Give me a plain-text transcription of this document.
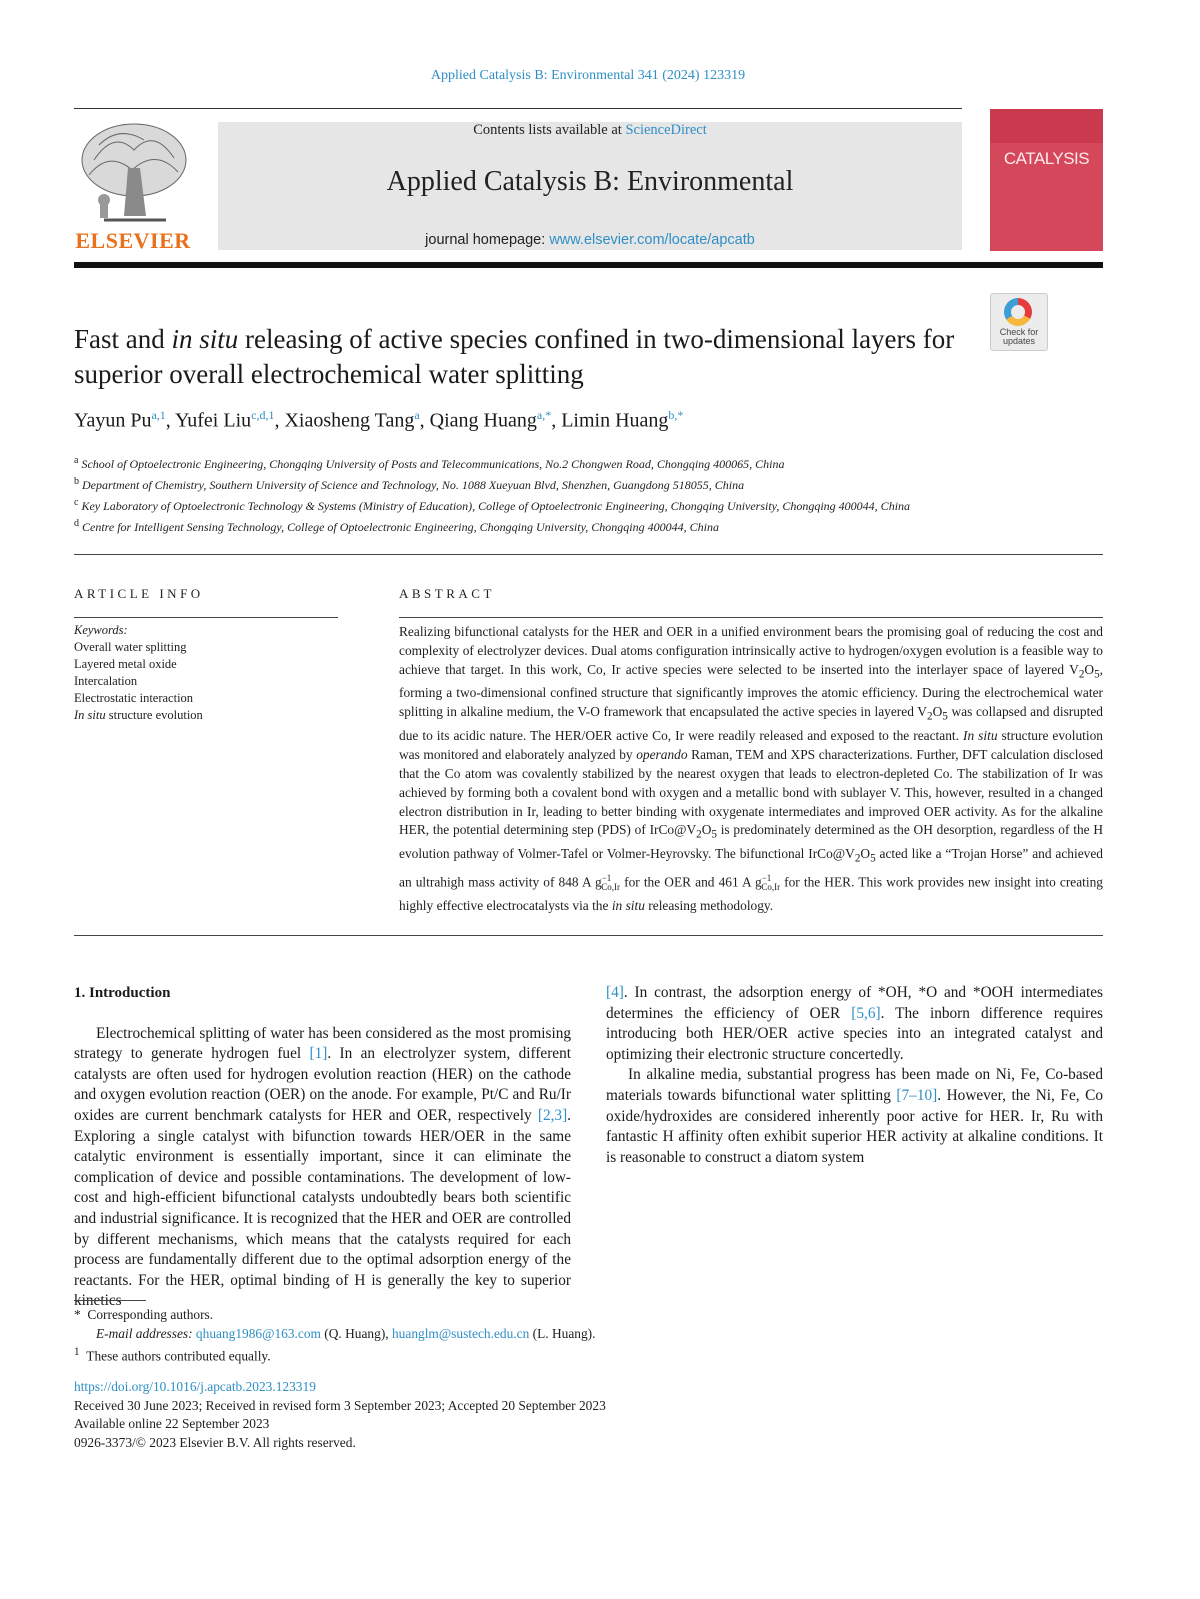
Applied Catalysis B: Environmental 341 (2024) 123319
ELSEVIER
Contents lists available at ScienceDirect
Applied Catalysis B: Environmental
journal homepage: www.elsevier.com/locate/apcatb
CATALYSIS
Check for updates
Fast and in situ releasing of active species confined in two-dimensional layers for superior overall electrochemical water splitting
Yayun Pu$^{a,1}$, Yufei Liu$^{c,d,1}$, Xiaosheng Tang$^a$, Qiang Huang$^{a,*}$, Limin Huang$^{b,*}$
$^a$ School of Optoelectronic Engineering, Chongqing University of Posts and Telecommunications, No.2 Chongwen Road, Chongqing 400065, China
$^b$ Department of Chemistry, Southern University of Science and Technology, No. 1088 Xueyuan Blvd, Shenzhen, Guangdong 518055, China
$^c$ Key Laboratory of Optoelectronic Technology & Systems (Ministry of Education), College of Optoelectronic Engineering, Chongqing University, Chongqing 400044, China
$^d$ Centre for Intelligent Sensing Technology, College of Optoelectronic Engineering, Chongqing University, Chongqing 400044, China
ARTICLE INFO
Keywords:
Overall water splitting
Layered metal oxide
Intercalation
Electrostatic interaction
In situ structure evolution
ABSTRACT

Realizing bifunctional catalysts for the HER and OER in a unified environment bears the promising goal of reducing the cost and complexity of electrolyzer devices. Dual atoms configuration intrinsically active to hydrogen/oxygen evolution is a feasible way to achieve that target. In this work, Co, Ir active species were selected to be inserted into the interlayer space of layered $V_2O_5$, forming a two-dimensional confined structure that significantly improves the atomic efficiency. During the electrochemical water splitting in alkaline medium, the V-O framework that encapsulated the active species in layered $V_2O_5$ was collapsed and disrupted due to its acidic nature. The HER/OER active Co, Ir were readily released and exposed to the reactant. In situ structure evolution was monitored and elaborately analyzed by operando Raman, TEM and XPS characterizations. Further, DFT calculation disclosed that the Co atom was covalently stabilized by the nearest oxygen that leads to electron-depleted Co. The stabilization of Ir was achieved by forming both a covalent bond with oxygen and a metallic bond with sublayer V. This, however, resulted in a changed electron distribution in Ir, leading to better binding with oxygenate intermediates and improved OER activity. As for the alkaline HER, the potential determining step (PDS) of $IrCo@V_2O_5$ is predominately determined as the OH desorption, regardless of the H evolution pathway of Volmer-Tafel or Volmer-Heyrovsky. The bifunctional $IrCo@V_2O_5$ acted like a “Trojan Horse” and achieved an ultrahigh mass activity of 848 A $g^{-1}_{Co,Ir}$ for the OER and 461 A $g^{-1}_{Co,Ir}$ for the HER. This work provides new insight into creating highly effective electrocatalysts via the in situ releasing methodology.

1. Introduction

Electrochemical splitting of water has been considered as the most promising strategy to generate hydrogen fuel [1]. In an electrolyzer system, different catalysts are often used for hydrogen evolution reaction (HER) on the cathode and oxygen evolution reaction (OER) on the anode. For example, Pt/C and Ru/Ir oxides are current benchmark catalysts for HER and OER, respectively [2,3]. Exploring a single catalyst with bifunction towards HER/OER in the same catalytic environment is essentially important, since it can eliminate the complication of device and possible contaminations. The development of low-cost and high-efficient bifunctional catalysts undoubtedly bears both scientific and industrial significance. It is recognized that the HER and OER are controlled by different mechanisms, which means that the catalysts required for each process are fundamentally different due to the optimal adsorption energy of the reactants. For the HER, optimal binding of H is generally the key to superior kinetics

[4]. In contrast, the adsorption energy of *OH, *O and *OOH intermediates determines the efficiency of OER [5,6]. The inborn difference requires introducing both HER/OER active species into an integrated catalyst and optimizing their electronic structure concertedly.

In alkaline media, substantial progress has been made on Ni, Fe, Co-based materials towards bifunctional water splitting [7–10]. However, the Ni, Fe, Co oxide/hydroxides are considered inherently poor active for HER. Ir, Ru with fantastic H affinity often exhibit superior HER activity at alkaline conditions. It is reasonable to construct a diatom system

* Corresponding authors.
E-mail addresses: qhuang1986@163.com (Q. Huang), huanglm@sustech.edu.cn (L. Huang).
$^1$ These authors contributed equally.
https://doi.org/10.1016/j.apcatb.2023.123319
Received 30 June 2023; Received in revised form 3 September 2023; Accepted 20 September 2023
Available online 22 September 2023
0926-3373/© 2023 Elsevier B.V. All rights reserved.
